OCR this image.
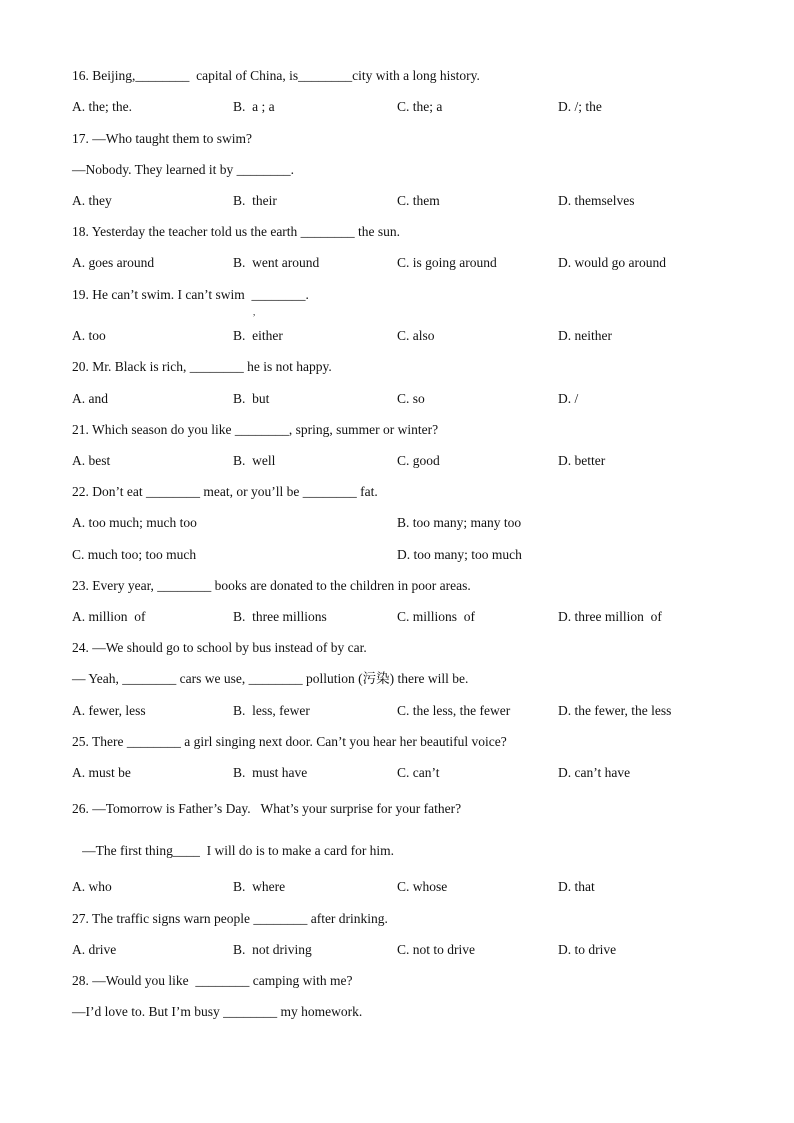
16. Beijing,________  capital of China, is________city with a long history.
A. the; the.	B.  a ; a	C. the; a	D. /; the
17. —Who taught them to swim?
—Nobody. They learned it by ________.
A. they	B.  their	C. them	D. themselves
18. Yesterday the teacher told us the earth ________ the sun.
A. goes around	B.  went around	C. is going around	D. would go around
19. He can’t swim. I can’t swim  ________.
,
A. too	B.  either	C. also	D. neither
20. Mr. Black is rich, ________ he is not happy.
A. and	B.  but	C. so	D. /
21. Which season do you like ________, spring, summer or winter?
A. best	B.  well	C. good	D. better
22. Don’t eat ________ meat, or you’ll be ________ fat.
A. too much; much too	B. too many; many too
C. much too; too much	D. too many; too much
23. Every year, ________ books are donated to the children in poor areas.
A. million  of	B.  three millions	C. millions  of	D. three million  of
24. —We should go to school by bus instead of by car.
— Yeah, ________ cars we use, ________ pollution (污染) there will be.
A. fewer, less	B.  less, fewer	C. the less, the fewer	D. the fewer, the less
25. There ________ a girl singing next door. Can’t you hear her beautiful voice?
A. must be	B.  must have	C. can’t	D. can’t have
26. —Tomorrow is Father’s Day.   What’s your surprise for your father?
—The first thing____  I will do is to make a card for him.
A. who	B.  where	C. whose	D. that
27. The traffic signs warn people ________ after drinking.
A. drive	B.  not driving	C. not to drive	D. to drive
28. —Would you like  ________ camping with me?
—I’d love to. But I’m busy ________ my homework.
